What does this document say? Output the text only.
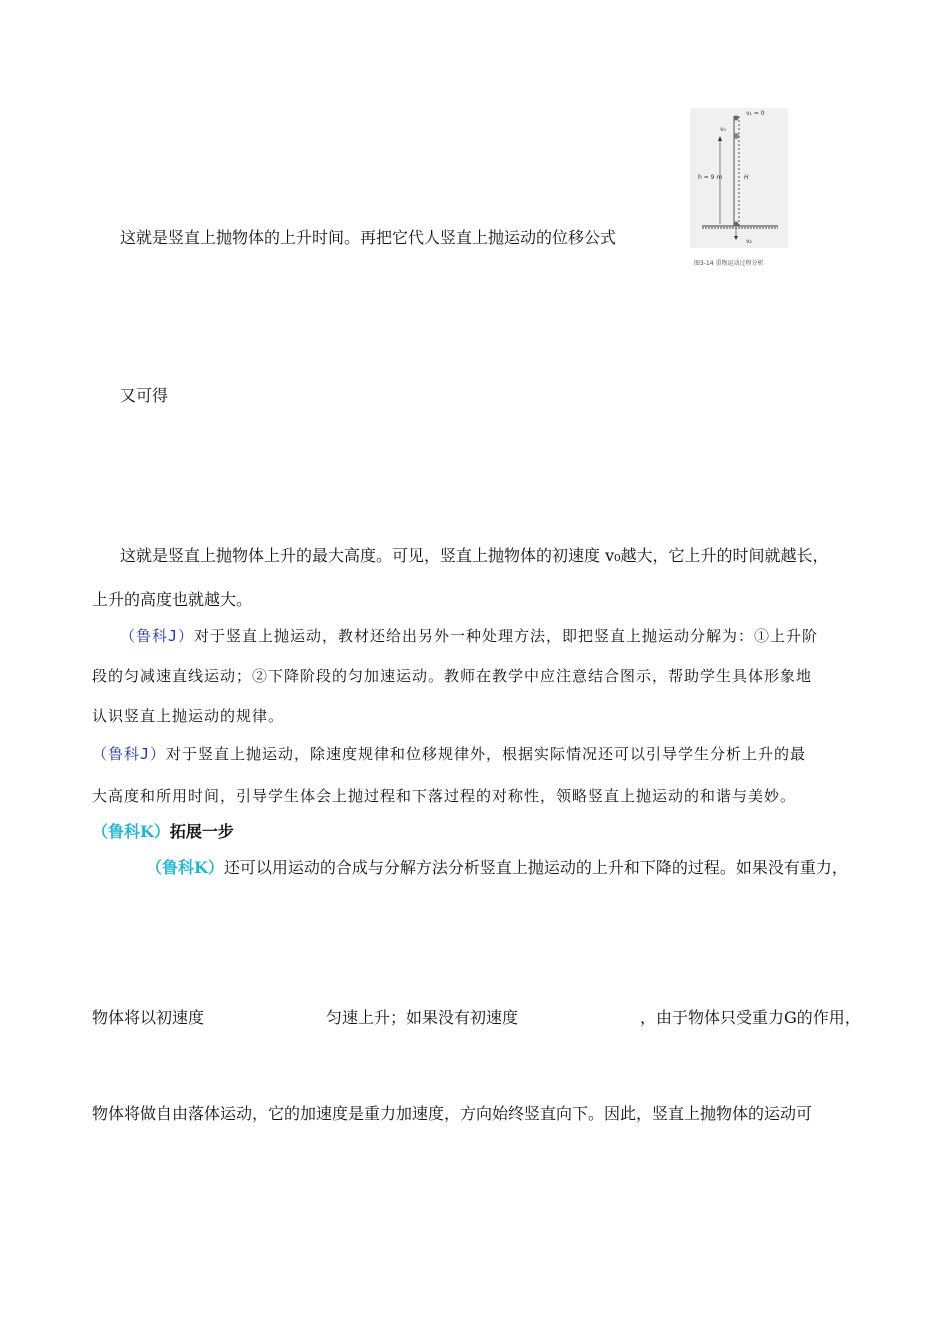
v₁ = 0
v₀
h = 9 m	H
v₂
图3-14 重物运动过程分析
这就是竖直上抛物体的上升时间。再把它代人竖直上抛运动的位移公式
又可得
这就是竖直上抛物体上升的最大高度。可见，竖直上抛物体的初速度 v₀越大，它上升的时间就越长，
上升的高度也就越大。
（鲁科J）对于竖直上抛运动，教材还给出另外一种处理方法，即把竖直上抛运动分解为：①上升阶
段的匀减速直线运动；②下降阶段的匀加速运动。教师在教学中应注意结合图示，帮助学生具体形象地
认识竖直上抛运动的规律。
（鲁科J）对于竖直上抛运动，除速度规律和位移规律外，根据实际情况还可以引导学生分析上升的最
大高度和所用时间，引导学生体会上抛过程和下落过程的对称性，领略竖直上抛运动的和谐与美妙。
（鲁科K）拓展一步
（鲁科K）还可以用运动的合成与分解方法分析竖直上抛运动的上升和下降的过程。如果没有重力，
物体将以初速度	匀速上升；如果没有初速度	，由于物体只受重力G的作用，
物体将做自由落体运动，它的加速度是重力加速度，方向始终竖直向下。因此，竖直上抛物体的运动可
